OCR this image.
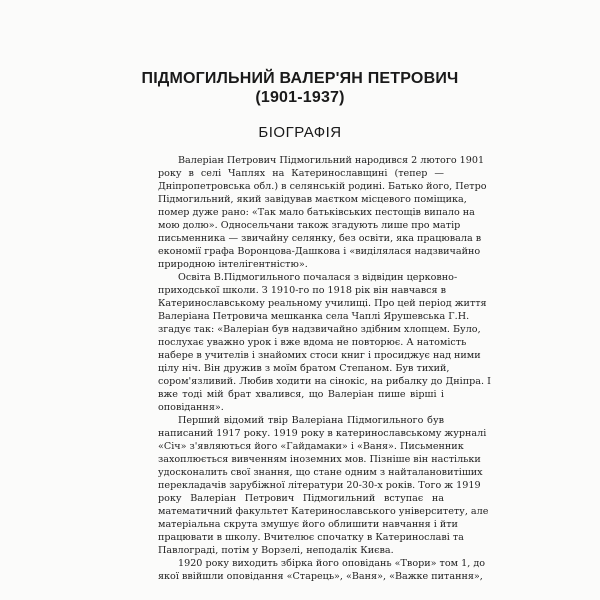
ПІДМОГИЛЬНИЙ ВАЛЕР'ЯН ПЕТРОВИЧ
(1901-1937)
БІОГРАФІЯ
Валеріан Петрович Підмогильний народився 2 лютого 1901
року в селі Чаплях на Катеринославщині (тепер —
Дніпропетровська обл.) в селянській родині. Батько його, Петро
Підмогильний, який завідував маєтком місцевого поміщика,
помер дуже рано: «Так мало батьківських пестощів випало на
мою долю». Односельчани також згадують лише про матір
письменника — звичайну селянку, без освіти, яка працювала в
економії графа Воронцова-Дашкова і «виділялася надзвичайно
природною інтелігентністю».
Освіта В.Підмогильного почалася з відвідин церковно-
приходської школи. З 1910-го по 1918 рік він навчався в
Катеринославському реальному училищі. Про цей період життя
Валеріана Петровича мешканка села Чаплі Ярушевська Г.Н.
згадує так: «Валеріан був надзвичайно здібним хлопцем. Було,
послухає уважно урок і вже вдома не повторює. А натомість
набере в учителів і знайомих стоси книг і просиджує над ними
цілу ніч. Він дружив з моїм братом Степаном. Був тихий,
сором'язливий. Любив ходити на сінокіс, на рибалку до Дніпра. І
вже тоді мій брат хвалився, що Валеріан пише вірші і
оповідання».
Перший відомий твір Валеріана Підмогильного був
написаний 1917 року. 1919 року в катеринославському журналі
«Січ» з'являються його «Гайдамаки» і «Ваня». Письменник
захоплюється вивченням іноземних мов. Пізніше він настільки
удосконалить свої знання, що стане одним з найталановитіших
перекладачів зарубіжної літератури 20-30-х років. Того ж 1919
року Валеріан Петрович Підмогильний вступає на
математичний факультет Катеринославського університету, але
матеріальна скрута змушує його облишити навчання і йти
працювати в школу. Вчителює спочатку в Катеринославі та
Павлограді, потім у Ворзелі, неподалік Києва.
1920 року виходить збірка його оповідань «Твори» том 1, до
якої ввійшли оповідання «Старець», «Ваня», «Важке питання»,
